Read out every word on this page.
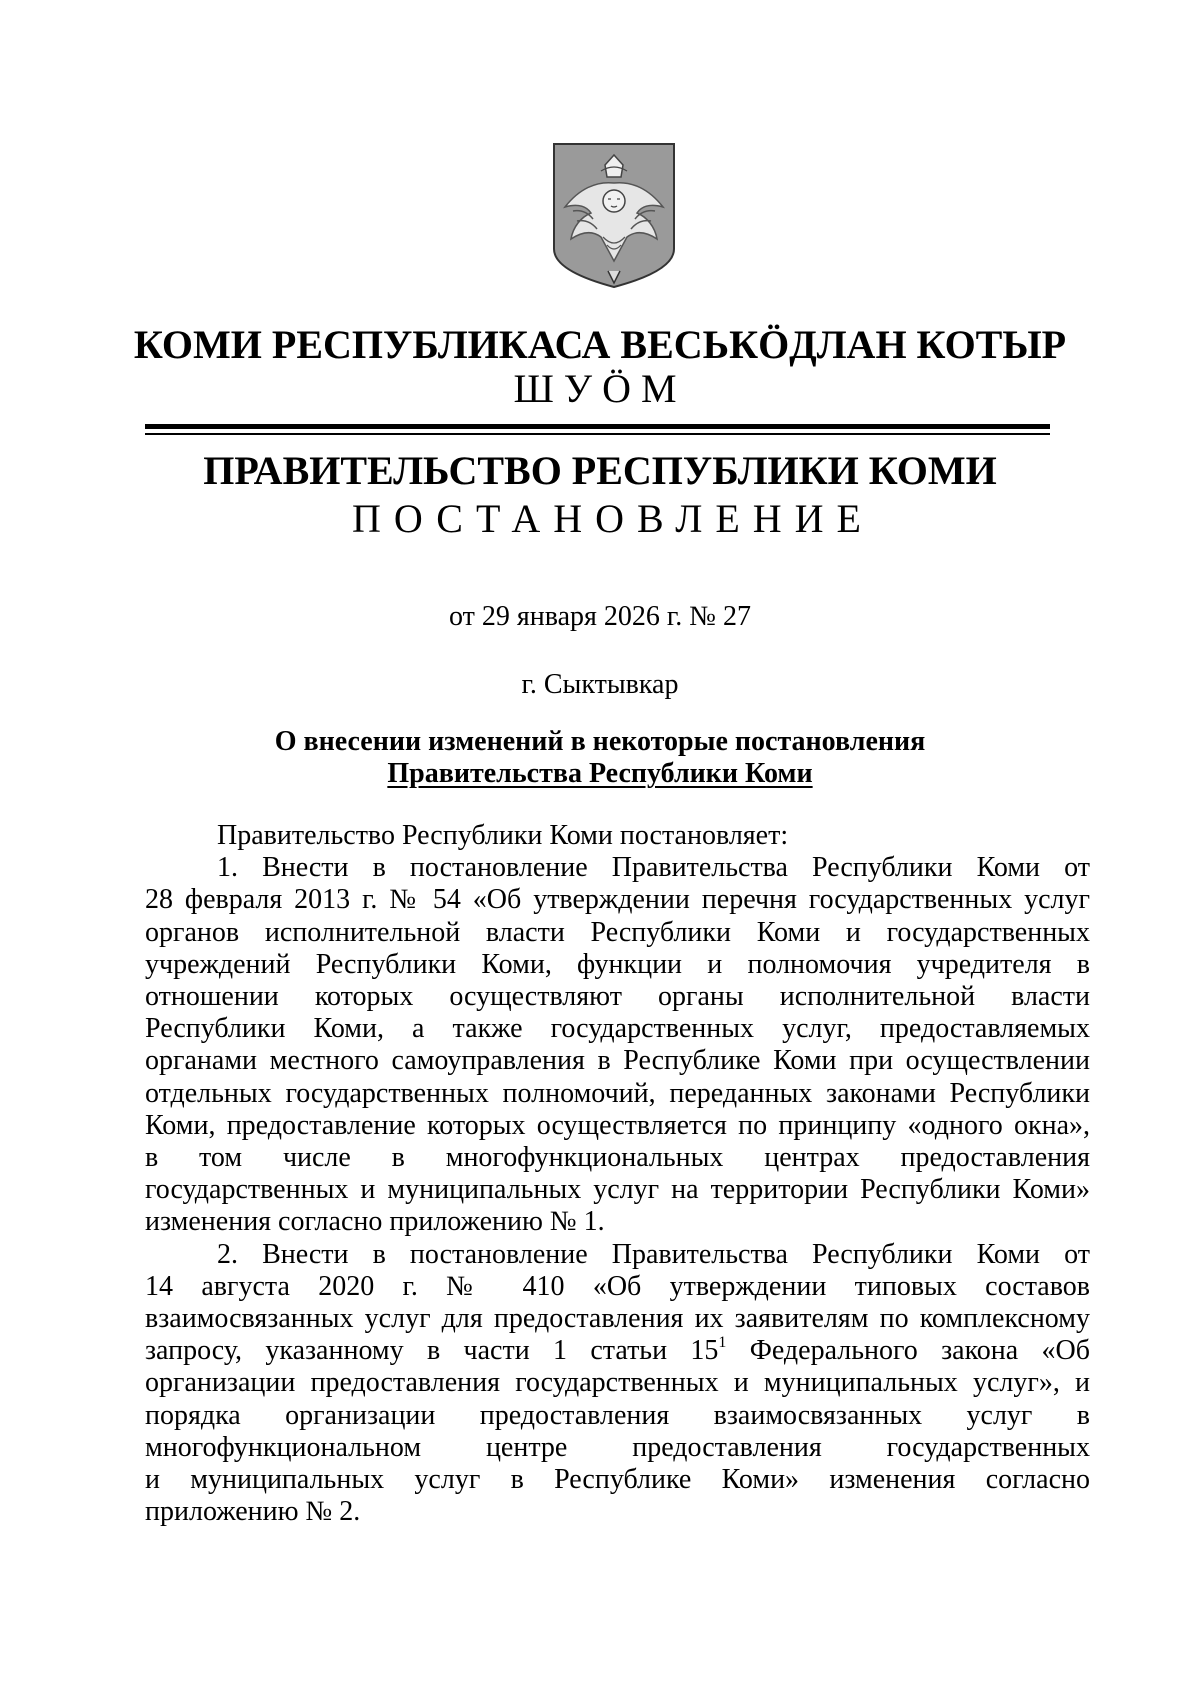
КОМИ РЕСПУБЛИКАСА ВЕСЬКӦДЛАН КОТЫР
ШУӦМ
ПРАВИТЕЛЬСТВО РЕСПУБЛИКИ КОМИ
ПОСТАНОВЛЕНИЕ
от 29 января 2026 г. № 27
г. Сыктывкар
О внесении изменений в некоторые постановления
Правительства Республики Коми

Правительство Республики Коми постановляет:

1. Внести в постановление Правительства Республики Коми от
28 февраля 2013 г. № 54 «Об утверждении перечня государственных услуг
органов исполнительной власти Республики Коми и государственных
учреждений Республики Коми, функции и полномочия учредителя в
отношении которых осуществляют органы исполнительной власти
Республики Коми, а также государственных услуг, предоставляемых
органами местного самоуправления в Республике Коми при осуществлении
отдельных государственных полномочий, переданных законами Республики
Коми, предоставление которых осуществляется по принципу «одного окна»,
в том числе в многофункциональных центрах предоставления
государственных и муниципальных услуг на территории Республики Коми»
изменения согласно приложению № 1.
2. Внести в постановление Правительства Республики Коми от
14 августа 2020 г. № 410 «Об утверждении типовых составов
взаимосвязанных услуг для предоставления их заявителям по комплексному
запросу, указанному в части 1 статьи $15^1$ Федерального закона «Об
организации предоставления государственных и муниципальных услуг», и
порядка организации предоставления взаимосвязанных услуг в
многофункциональном центре предоставления государственных
и муниципальных услуг в Республике Коми» изменения согласно
приложению № 2.
